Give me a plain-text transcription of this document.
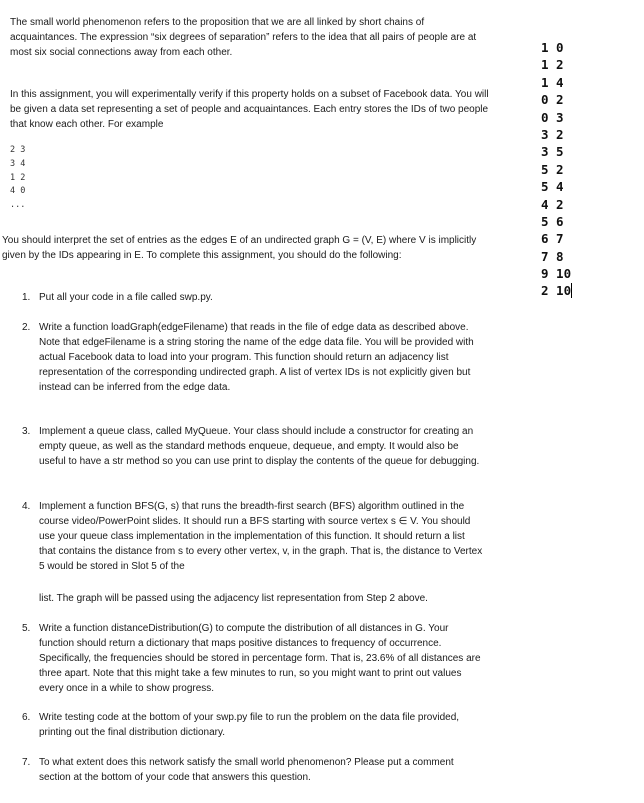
The small world phenomenon refers to the proposition that we are all linked by short chains of acquaintances. The expression “six degrees of separation” refers to the idea that all pairs of people are at most six social connections away from each other.

In this assignment, you will experimentally verify if this property holds on a subset of Facebook data. You will be given a data set representing a set of people and acquaintances. Each entry stores the IDs of two people that know each other. For example

2 3
3 4
1 2
4 0
...

You should interpret the set of entries as the edges E of an undirected graph G = (V, E) where V is implicitly given by the IDs appearing in E. To complete this assignment, you should do the following:

1. Put all your code in a file called swp.py.
2. Write a function loadGraph(edgeFilename) that reads in the file of edge data as described above. Note that edgeFilename is a string storing the name of the edge data file. You will be provided with actual Facebook data to load into your program. This function should return an adjacency list representation of the corresponding undirected graph. A list of vertex IDs is not explicitly given but instead can be inferred from the edge data.
3. Implement a queue class, called MyQueue. Your class should include a constructor for creating an empty queue, as well as the standard methods enqueue, dequeue, and empty. It would also be useful to have a str method so you can use print to display the contents of the queue for debugging.
4. Implement a function BFS(G, s) that runs the breadth-first search (BFS) algorithm outlined in the course video/PowerPoint slides. It should run a BFS starting with source vertex s ∈ V. You should use your queue class implementation in the implementation of this function. It should return a list that contains the distance from s to every other vertex, v, in the graph. That is, the distance to Vertex 5 would be stored in Slot 5 of the
list. The graph will be passed using the adjacency list representation from Step 2 above.
5. Write a function distanceDistribution(G) to compute the distribution of all distances in G. Your function should return a dictionary that maps positive distances to frequency of occurrence. Specifically, the frequencies should be stored in percentage form. That is, 23.6% of all distances are three apart. Note that this might take a few minutes to run, so you might want to print out values every once in a while to show progress.
6. Write testing code at the bottom of your swp.py file to run the problem on the data file provided, printing out the final distribution dictionary.
7. To what extent does this network satisfy the small world phenomenon? Please put a comment section at the bottom of your code that answers this question.
1 0
1 2
1 4
0 2
0 3
3 2
3 5
5 2
5 4
4 2
5 6
6 7
7 8
9 10
2 10
